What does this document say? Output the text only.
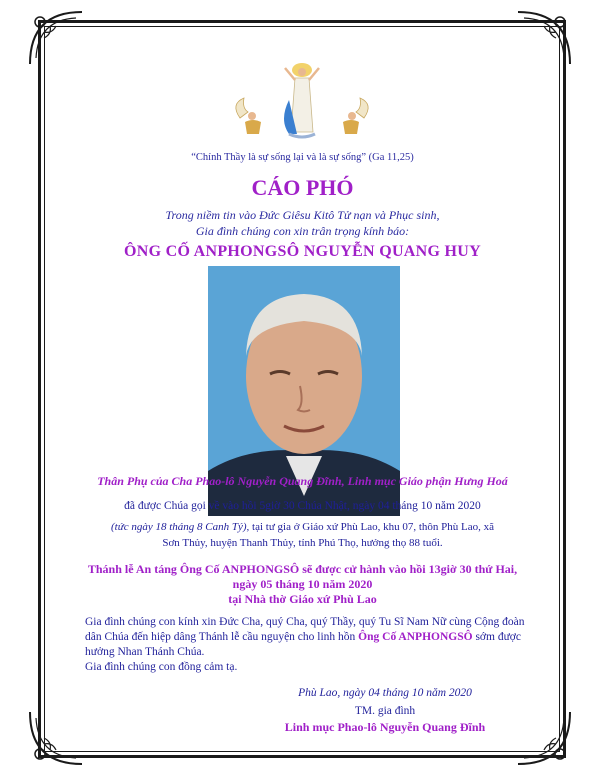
“Chính Thầy là sự sống lại và là sự sống” (Ga 11,25)
CÁO PHÓ
Trong niềm tin vào Đức Giêsu Kitô Tử nạn và Phục sinh,
Gia đình chúng con xin trân trọng kính báo:
ÔNG CỐ ANPHONGSÔ NGUYỄN QUANG HUY
Thân Phụ của Cha Phao-lô Nguyễn Quang Đĩnh, Linh mục Giáo phận Hưng Hoá
đã được Chúa gọi về vào hồi 5giờ 30 Chúa Nhật, ngày 04 tháng 10 năm 2020
(tức ngày 18 tháng 8 Canh Tý), tại tư gia ở Giáo xứ Phù Lao, khu 07, thôn Phù Lao, xã
Sơn Thủy, huyện Thanh Thủy, tỉnh Phú Thọ, hưởng thọ 88 tuổi.
Thánh lễ An táng Ông Cố ANPHONGSÔ sẽ được cử hành vào hồi 13giờ 30 thứ Hai,
ngày 05 tháng 10 năm 2020
tại Nhà thờ Giáo xứ Phù Lao
Gia đình chúng con kính xin Đức Cha, quý Cha, quý Thầy, quý Tu Sĩ Nam Nữ cùng Cộng đoàn dân Chúa đến hiệp dâng Thánh lễ cầu nguyện cho linh hồn Ông Cố ANPHONGSÔ sớm được hưởng Nhan Thánh Chúa.
Gia đình chúng con đồng cảm tạ.
Phù Lao, ngày 04 tháng 10 năm 2020
TM. gia đình
Linh mục Phao-lô Nguyễn Quang Đĩnh
